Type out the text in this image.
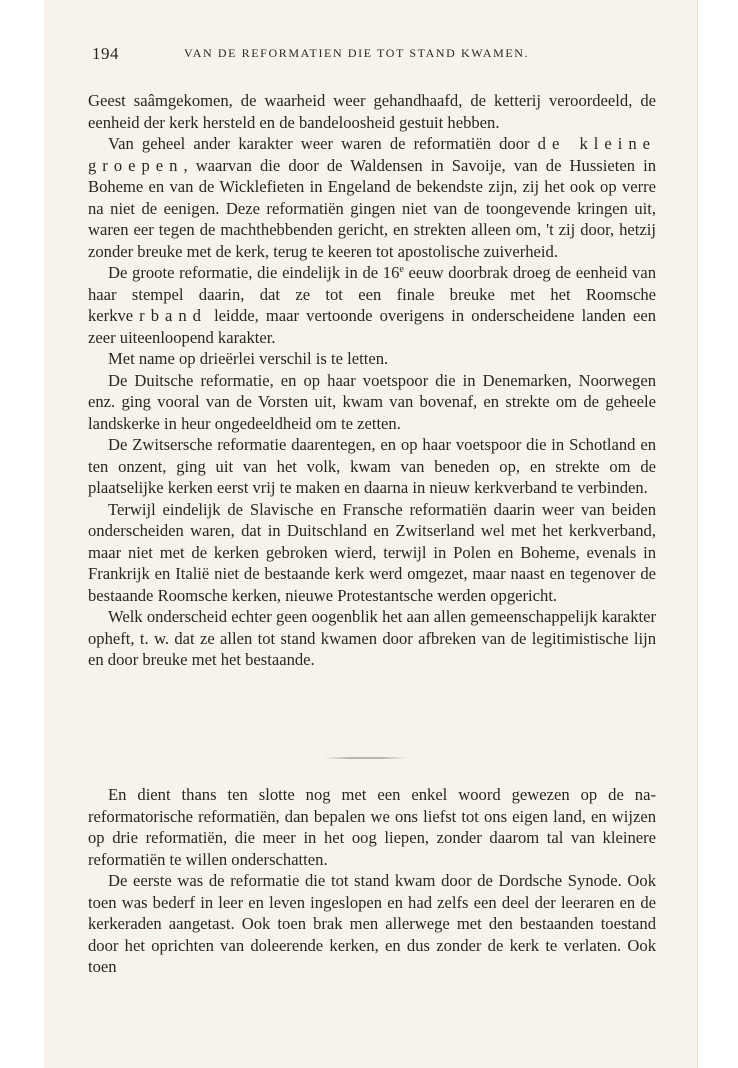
194	VAN DE REFORMATIEN DIE TOT STAND KWAMEN.

Geest saâmgekomen, de waarheid weer gehandhaafd, de ketterij veroordeeld, de eenheid der kerk hersteld en de bandeloosheid gestuit hebben.

Van geheel ander karakter weer waren de reformatiën door de kleine groepen, waarvan die door de Waldensen in Savoije, van de Hussieten in Boheme en van de Wicklefieten in Engeland de bekendste zijn, zij het ook op verre na niet de eenigen. Deze reformatiën gingen niet van de toongevende kringen uit, waren eer tegen de machthebbenden gericht, en strekten alleen om, 't zij door, hetzij zonder breuke met de kerk, terug te keeren tot apostolische zuiverheid.

De groote reformatie, die eindelijk in de 16e eeuw doorbrak droeg de eenheid van haar stempel daarin, dat ze tot een finale breuke met het Roomsche kerkverband leidde, maar vertoonde overigens in onderscheidene landen een zeer uiteenloopend karakter.

Met name op drieërlei verschil is te letten.

De Duitsche reformatie, en op haar voetspoor die in Denemarken, Noorwegen enz. ging vooral van de Vorsten uit, kwam van bovenaf, en strekte om de geheele landskerke in heur ongedeeldheid om te zetten.

De Zwitsersche reformatie daarentegen, en op haar voetspoor die in Schotland en ten onzent, ging uit van het volk, kwam van beneden op, en strekte om de plaatselijke kerken eerst vrij te maken en daarna in nieuw kerkverband te verbinden.

Terwijl eindelijk de Slavische en Fransche reformatiën daarin weer van beiden onderscheiden waren, dat in Duitschland en Zwitserland wel met het kerkverband, maar niet met de kerken gebroken wierd, terwijl in Polen en Boheme, evenals in Frankrijk en Italië niet de bestaande kerk werd omgezet, maar naast en tegenover de bestaande Roomsche kerken, nieuwe Protestantsche werden opgericht.

Welk onderscheid echter geen oogenblik het aan allen gemeenschappelijk karakter opheft, t. w. dat ze allen tot stand kwamen door afbreken van de legitimistische lijn en door breuke met het bestaande.

En dient thans ten slotte nog met een enkel woord gewezen op de na-reformatorische reformatiën, dan bepalen we ons liefst tot ons eigen land, en wijzen op drie reformatiën, die meer in het oog liepen, zonder daarom tal van kleinere reformatiën te willen onderschatten.

De eerste was de reformatie die tot stand kwam door de Dordsche Synode. Ook toen was bederf in leer en leven ingeslopen en had zelfs een deel der leeraren en de kerkeraden aangetast. Ook toen brak men allerwege met den bestaanden toestand door het oprichten van doleerende kerken, en dus zonder de kerk te verlaten. Ook toen
